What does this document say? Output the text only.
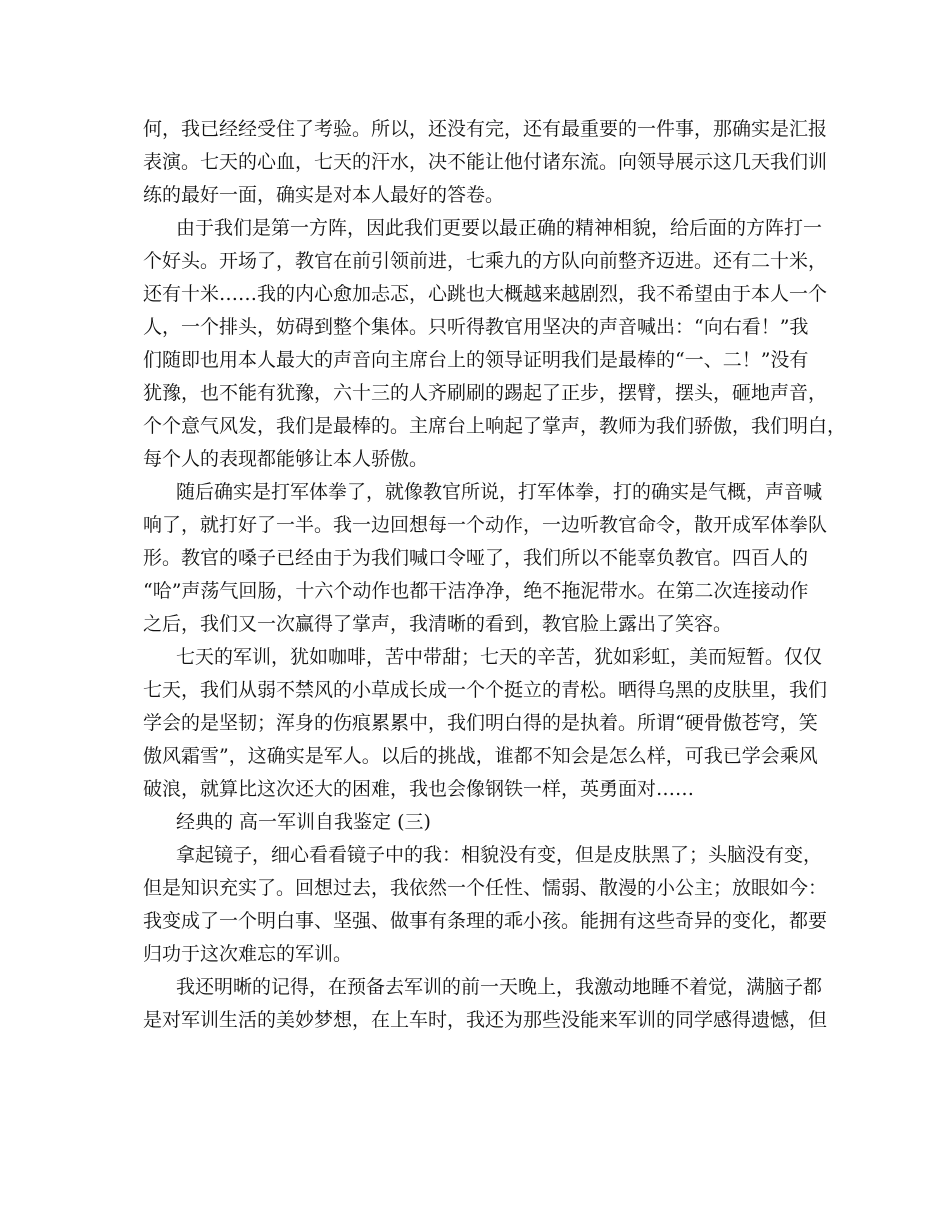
何，我已经经受住了考验。所以，还没有完，还有最重要的一件事，那确实是汇报
表演。七天的心血，七天的汗水，决不能让他付诸东流。向领导展示这几天我们训
练的最好一面，确实是对本人最好的答卷。
由于我们是第一方阵，因此我们更要以最正确的精神相貌，给后面的方阵打一
个好头。开场了，教官在前引领前进，七乘九的方队向前整齐迈进。还有二十米，
还有十米……我的内心愈加忐忑，心跳也大概越来越剧烈，我不希望由于本人一个
人，一个排头，妨碍到整个集体。只听得教官用坚决的声音喊出：“向右看！”我
们随即也用本人最大的声音向主席台上的领导证明我们是最棒的“一、二！”没有
犹豫，也不能有犹豫，六十三的人齐刷刷的踢起了正步，摆臂，摆头，砸地声音，
个个意气风发，我们是最棒的。主席台上响起了掌声，教师为我们骄傲，我们明白，
每个人的表现都能够让本人骄傲。
随后确实是打军体拳了，就像教官所说，打军体拳，打的确实是气概，声音喊
响了，就打好了一半。我一边回想每一个动作，一边听教官命令，散开成军体拳队
形。教官的嗓子已经由于为我们喊口令哑了，我们所以不能辜负教官。四百人的
“哈”声荡气回肠，十六个动作也都干洁净净，绝不拖泥带水。在第二次连接动作
之后，我们又一次赢得了掌声，我清晰的看到，教官脸上露出了笑容。
七天的军训，犹如咖啡，苦中带甜；七天的辛苦，犹如彩虹，美而短暂。仅仅
七天，我们从弱不禁风的小草成长成一个个挺立的青松。晒得乌黑的皮肤里，我们
学会的是坚韧；浑身的伤痕累累中，我们明白得的是执着。所谓“硬骨傲苍穹，笑
傲风霜雪”，这确实是军人。以后的挑战，谁都不知会是怎么样，可我已学会乘风
破浪，就算比这次还大的困难，我也会像钢铁一样，英勇面对……
经典的 高一军训自我鉴定 (三)
拿起镜子，细心看看镜子中的我：相貌没有变，但是皮肤黑了；头脑没有变，
但是知识充实了。回想过去，我依然一个任性、懦弱、散漫的小公主；放眼如今：
我变成了一个明白事、坚强、做事有条理的乖小孩。能拥有这些奇异的变化，都要
归功于这次难忘的军训。
我还明晰的记得，在预备去军训的前一天晚上，我激动地睡不着觉，满脑子都
是对军训生活的美妙梦想，在上车时，我还为那些没能来军训的同学感得遗憾，但
